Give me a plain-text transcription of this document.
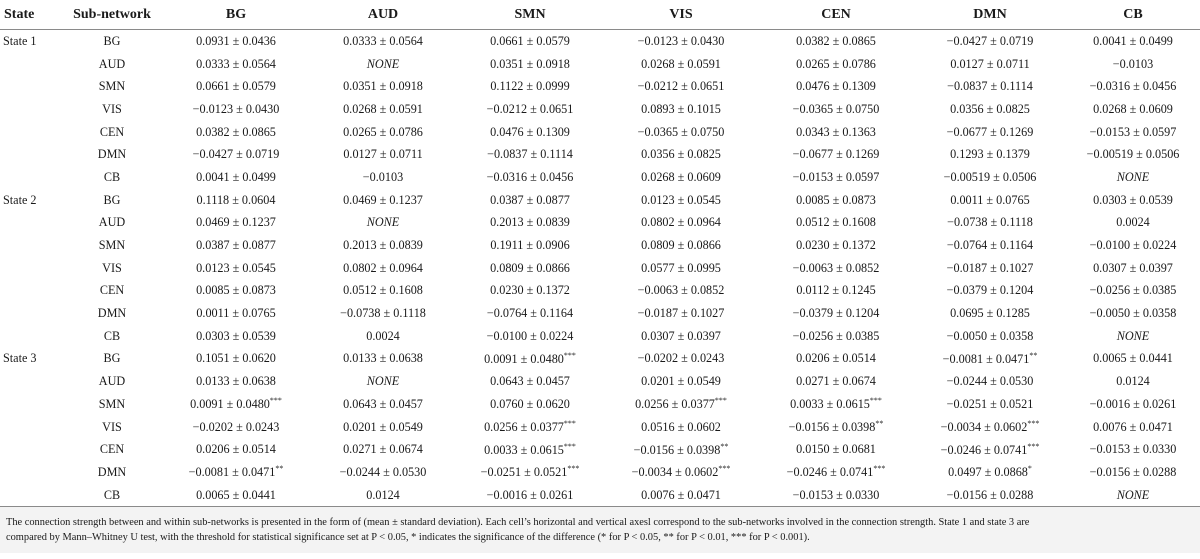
State	Sub-network	BG	AUD	SMN	VIS	CEN	DMN	CB
State 1	BG	0.0931 ± 0.0436	0.0333 ± 0.0564	0.0661 ± 0.0579	−0.0123 ± 0.0430	0.0382 ± 0.0865	−0.0427 ± 0.0719	0.0041 ± 0.0499
	AUD	0.0333 ± 0.0564	NONE	0.0351 ± 0.0918	0.0268 ± 0.0591	0.0265 ± 0.0786	0.0127 ± 0.0711	−0.0103
	SMN	0.0661 ± 0.0579	0.0351 ± 0.0918	0.1122 ± 0.0999	−0.0212 ± 0.0651	0.0476 ± 0.1309	−0.0837 ± 0.1114	−0.0316 ± 0.0456
	VIS	−0.0123 ± 0.0430	0.0268 ± 0.0591	−0.0212 ± 0.0651	0.0893 ± 0.1015	−0.0365 ± 0.0750	0.0356 ± 0.0825	0.0268 ± 0.0609
	CEN	0.0382 ± 0.0865	0.0265 ± 0.0786	0.0476 ± 0.1309	−0.0365 ± 0.0750	0.0343 ± 0.1363	−0.0677 ± 0.1269	−0.0153 ± 0.0597
	DMN	−0.0427 ± 0.0719	0.0127 ± 0.0711	−0.0837 ± 0.1114	0.0356 ± 0.0825	−0.0677 ± 0.1269	0.1293 ± 0.1379	−0.00519 ± 0.0506
	CB	0.0041 ± 0.0499	−0.0103	−0.0316 ± 0.0456	0.0268 ± 0.0609	−0.0153 ± 0.0597	−0.00519 ± 0.0506	NONE
State 2	BG	0.1118 ± 0.0604	0.0469 ± 0.1237	0.0387 ± 0.0877	0.0123 ± 0.0545	0.0085 ± 0.0873	0.0011 ± 0.0765	0.0303 ± 0.0539
	AUD	0.0469 ± 0.1237	NONE	0.2013 ± 0.0839	0.0802 ± 0.0964	0.0512 ± 0.1608	−0.0738 ± 0.1118	0.0024
	SMN	0.0387 ± 0.0877	0.2013 ± 0.0839	0.1911 ± 0.0906	0.0809 ± 0.0866	0.0230 ± 0.1372	−0.0764 ± 0.1164	−0.0100 ± 0.0224
	VIS	0.0123 ± 0.0545	0.0802 ± 0.0964	0.0809 ± 0.0866	0.0577 ± 0.0995	−0.0063 ± 0.0852	−0.0187 ± 0.1027	0.0307 ± 0.0397
	CEN	0.0085 ± 0.0873	0.0512 ± 0.1608	0.0230 ± 0.1372	−0.0063 ± 0.0852	0.0112 ± 0.1245	−0.0379 ± 0.1204	−0.0256 ± 0.0385
	DMN	0.0011 ± 0.0765	−0.0738 ± 0.1118	−0.0764 ± 0.1164	−0.0187 ± 0.1027	−0.0379 ± 0.1204	0.0695 ± 0.1285	−0.0050 ± 0.0358
	CB	0.0303 ± 0.0539	0.0024	−0.0100 ± 0.0224	0.0307 ± 0.0397	−0.0256 ± 0.0385	−0.0050 ± 0.0358	NONE
State 3	BG	0.1051 ± 0.0620	0.0133 ± 0.0638	0.0091 ± 0.0480***	−0.0202 ± 0.0243	0.0206 ± 0.0514	−0.0081 ± 0.0471**	0.0065 ± 0.0441
	AUD	0.0133 ± 0.0638	NONE	0.0643 ± 0.0457	0.0201 ± 0.0549	0.0271 ± 0.0674	−0.0244 ± 0.0530	0.0124
	SMN	0.0091 ± 0.0480***	0.0643 ± 0.0457	0.0760 ± 0.0620	0.0256 ± 0.0377***	0.0033 ± 0.0615***	−0.0251 ± 0.0521	−0.0016 ± 0.0261
	VIS	−0.0202 ± 0.0243	0.0201 ± 0.0549	0.0256 ± 0.0377***	0.0516 ± 0.0602	−0.0156 ± 0.0398**	−0.0034 ± 0.0602***	0.0076 ± 0.0471
	CEN	0.0206 ± 0.0514	0.0271 ± 0.0674	0.0033 ± 0.0615***	−0.0156 ± 0.0398**	0.0150 ± 0.0681	−0.0246 ± 0.0741***	−0.0153 ± 0.0330
	DMN	−0.0081 ± 0.0471**	−0.0244 ± 0.0530	−0.0251 ± 0.0521***	−0.0034 ± 0.0602***	−0.0246 ± 0.0741***	0.0497 ± 0.0868*	−0.0156 ± 0.0288
	CB	0.0065 ± 0.0441	0.0124	−0.0016 ± 0.0261	0.0076 ± 0.0471	−0.0153 ± 0.0330	−0.0156 ± 0.0288	NONE
The connection strength between and within sub-networks is presented in the form of (mean ± standard deviation). Each cell’s horizontal and vertical axesl correspond to the sub-networks involved in the connection strength. State 1 and state 3 are
compared by Mann–Whitney U test, with the threshold for statistical significance set at P < 0.05, * indicates the significance of the difference (* for P < 0.05, ** for P < 0.01, *** for P < 0.001).
